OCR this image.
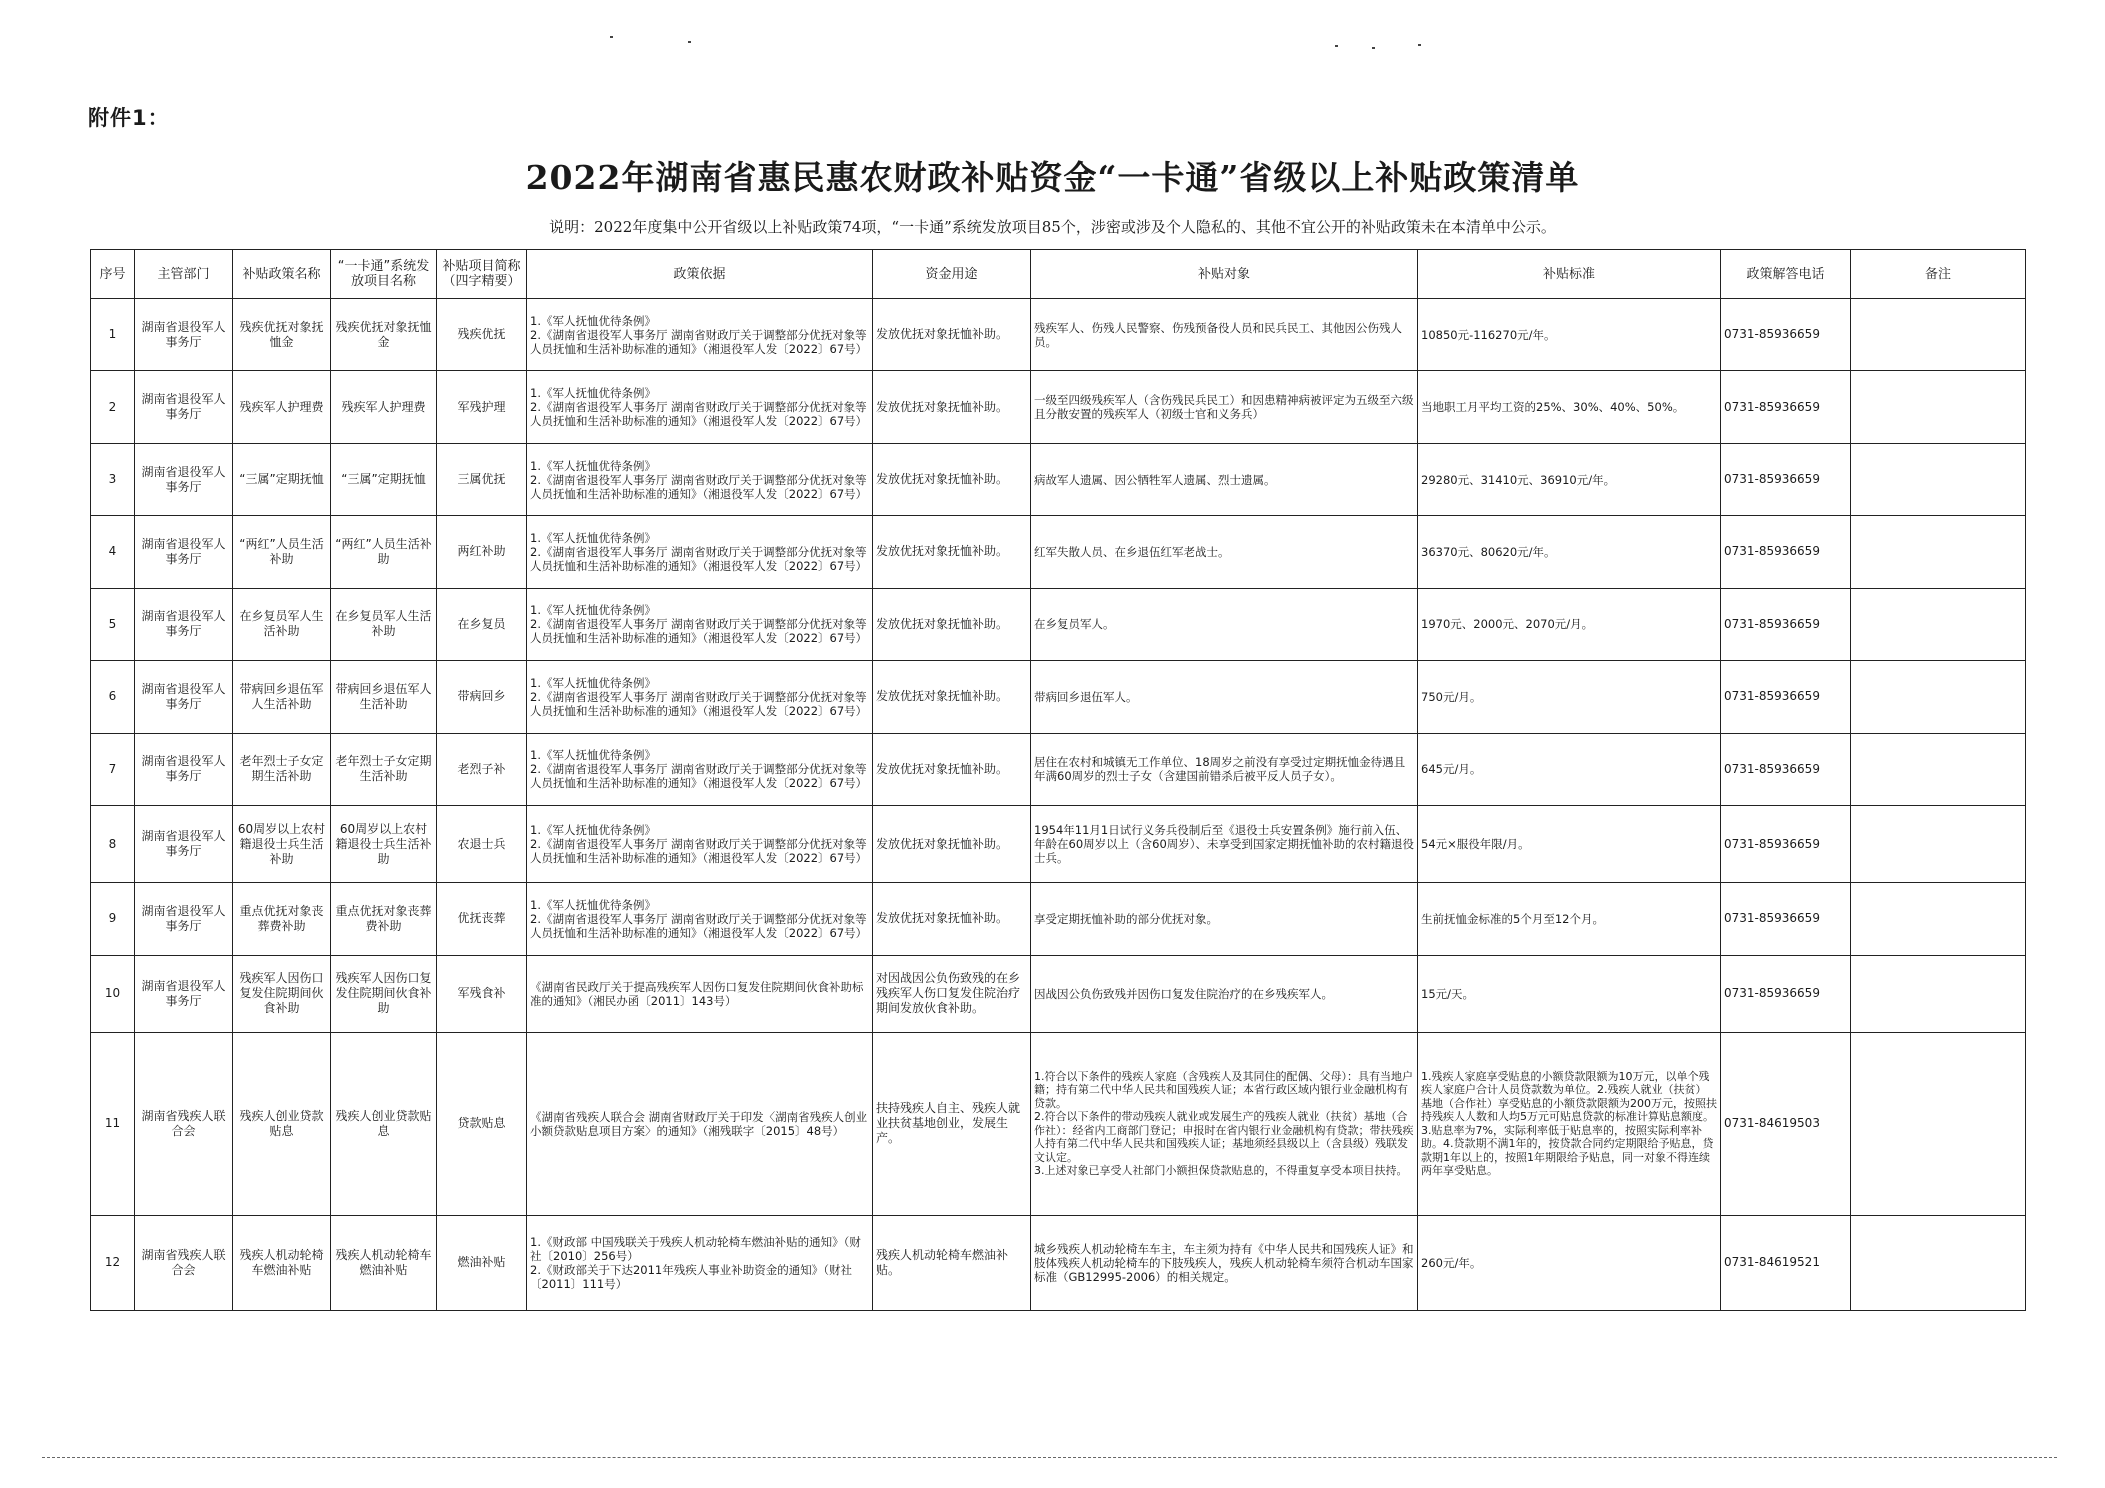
附件1：
2022年湖南省惠民惠农财政补贴资金“一卡通”省级以上补贴政策清单
说明：2022年度集中公开省级以上补贴政策74项，“一卡通”系统发放项目85个，涉密或涉及个人隐私的、其他不宜公开的补贴政策未在本清单中公示。
序号	主管部门	补贴政策名称	“一卡通”系统发放项目名称	补贴项目简称（四字精要）	政策依据	资金用途	补贴对象	补贴标准	政策解答电话	备注
1	湖南省退役军人事务厅	残疾优抚对象抚恤金	残疾优抚对象抚恤金	残疾优抚	1.《军人抚恤优待条例》
2.《湖南省退役军人事务厅 湖南省财政厅关于调整部分优抚对象等人员抚恤和生活补助标准的通知》（湘退役军人发〔2022〕67号）	发放优抚对象抚恤补助。	残疾军人、伤残人民警察、伤残预备役人员和民兵民工、其他因公伤残人员。	10850元-116270元/年。	0731-85936659	
2	湖南省退役军人事务厅	残疾军人护理费	残疾军人护理费	军残护理	1.《军人抚恤优待条例》
2.《湖南省退役军人事务厅 湖南省财政厅关于调整部分优抚对象等人员抚恤和生活补助标准的通知》（湘退役军人发〔2022〕67号）	发放优抚对象抚恤补助。	一级至四级残疾军人（含伤残民兵民工）和因患精神病被评定为五级至六级且分散安置的残疾军人（初级士官和义务兵）	当地职工月平均工资的25%、30%、40%、50%。	0731-85936659	
3	湖南省退役军人事务厅	“三属”定期抚恤	“三属”定期抚恤	三属优抚	1.《军人抚恤优待条例》
2.《湖南省退役军人事务厅 湖南省财政厅关于调整部分优抚对象等人员抚恤和生活补助标准的通知》（湘退役军人发〔2022〕67号）	发放优抚对象抚恤补助。	病故军人遗属、因公牺牲军人遗属、烈士遗属。	29280元、31410元、36910元/年。	0731-85936659	
4	湖南省退役军人事务厅	“两红”人员生活补助	“两红”人员生活补助	两红补助	1.《军人抚恤优待条例》
2.《湖南省退役军人事务厅 湖南省财政厅关于调整部分优抚对象等人员抚恤和生活补助标准的通知》（湘退役军人发〔2022〕67号）	发放优抚对象抚恤补助。	红军失散人员、在乡退伍红军老战士。	36370元、80620元/年。	0731-85936659	
5	湖南省退役军人事务厅	在乡复员军人生活补助	在乡复员军人生活补助	在乡复员	1.《军人抚恤优待条例》
2.《湖南省退役军人事务厅 湖南省财政厅关于调整部分优抚对象等人员抚恤和生活补助标准的通知》（湘退役军人发〔2022〕67号）	发放优抚对象抚恤补助。	在乡复员军人。	1970元、2000元、2070元/月。	0731-85936659	
6	湖南省退役军人事务厅	带病回乡退伍军人生活补助	带病回乡退伍军人生活补助	带病回乡	1.《军人抚恤优待条例》
2.《湖南省退役军人事务厅 湖南省财政厅关于调整部分优抚对象等人员抚恤和生活补助标准的通知》（湘退役军人发〔2022〕67号）	发放优抚对象抚恤补助。	带病回乡退伍军人。	750元/月。	0731-85936659	
7	湖南省退役军人事务厅	老年烈士子女定期生活补助	老年烈士子女定期生活补助	老烈子补	1.《军人抚恤优待条例》
2.《湖南省退役军人事务厅 湖南省财政厅关于调整部分优抚对象等人员抚恤和生活补助标准的通知》（湘退役军人发〔2022〕67号）	发放优抚对象抚恤补助。	居住在农村和城镇无工作单位、18周岁之前没有享受过定期抚恤金待遇且年满60周岁的烈士子女（含建国前错杀后被平反人员子女）。	645元/月。	0731-85936659	
8	湖南省退役军人事务厅	60周岁以上农村籍退役士兵生活补助	60周岁以上农村籍退役士兵生活补助	农退士兵	1.《军人抚恤优待条例》
2.《湖南省退役军人事务厅 湖南省财政厅关于调整部分优抚对象等人员抚恤和生活补助标准的通知》（湘退役军人发〔2022〕67号）	发放优抚对象抚恤补助。	1954年11月1日试行义务兵役制后至《退役士兵安置条例》施行前入伍、年龄在60周岁以上（含60周岁）、未享受到国家定期抚恤补助的农村籍退役士兵。	54元×服役年限/月。	0731-85936659	
9	湖南省退役军人事务厅	重点优抚对象丧葬费补助	重点优抚对象丧葬费补助	优抚丧葬	1.《军人抚恤优待条例》
2.《湖南省退役军人事务厅 湖南省财政厅关于调整部分优抚对象等人员抚恤和生活补助标准的通知》（湘退役军人发〔2022〕67号）	发放优抚对象抚恤补助。	享受定期抚恤补助的部分优抚对象。	生前抚恤金标准的5个月至12个月。	0731-85936659	
10	湖南省退役军人事务厅	残疾军人因伤口复发住院期间伙食补助	残疾军人因伤口复发住院期间伙食补助	军残食补	《湖南省民政厅关于提高残疾军人因伤口复发住院期间伙食补助标准的通知》（湘民办函〔2011〕143号）	对因战因公负伤致残的在乡残疾军人伤口复发住院治疗期间发放伙食补助。	因战因公负伤致残并因伤口复发住院治疗的在乡残疾军人。	15元/天。	0731-85936659	
11	湖南省残疾人联合会	残疾人创业贷款贴息	残疾人创业贷款贴息	贷款贴息	《湖南省残疾人联合会 湖南省财政厅关于印发〈湖南省残疾人创业小额贷款贴息项目方案〉的通知》（湘残联字〔2015〕48号）	扶持残疾人自主、残疾人就业扶贫基地创业，发展生产。	1.符合以下条件的残疾人家庭（含残疾人及其同住的配偶、父母）：具有当地户籍；持有第二代中华人民共和国残疾人证；本省行政区域内银行业金融机构有贷款。
2.符合以下条件的带动残疾人就业或发展生产的残疾人就业（扶贫）基地（合作社）：经省内工商部门登记；申报时在省内银行业金融机构有贷款；带扶残疾人持有第二代中华人民共和国残疾人证；基地须经县级以上（含县级）残联发文认定。
3.上述对象已享受人社部门小额担保贷款贴息的，不得重复享受本项目扶持。	1.残疾人家庭享受贴息的小额贷款限额为10万元，以单个残疾人家庭户合计人员贷款数为单位。2.残疾人就业（扶贫）基地（合作社）享受贴息的小额贷款限额为200万元，按照扶持残疾人人数和人均5万元可贴息贷款的标准计算贴息额度。3.贴息率为7%，实际利率低于贴息率的，按照实际利率补助。4.贷款期不满1年的，按贷款合同约定期限给予贴息，贷款期1年以上的，按照1年期限给予贴息，同一对象不得连续两年享受贴息。	0731-84619503	
12	湖南省残疾人联合会	残疾人机动轮椅车燃油补贴	残疾人机动轮椅车燃油补贴	燃油补贴	1.《财政部 中国残联关于残疾人机动轮椅车燃油补贴的通知》（财社〔2010〕256号）
2.《财政部关于下达2011年残疾人事业补助资金的通知》（财社〔2011〕111号）	残疾人机动轮椅车燃油补贴。	城乡残疾人机动轮椅车车主，车主须为持有《中华人民共和国残疾人证》和肢体残疾人机动轮椅车的下肢残疾人，残疾人机动轮椅车须符合机动车国家标准（GB12995-2006）的相关规定。	260元/年。	0731-84619521	
